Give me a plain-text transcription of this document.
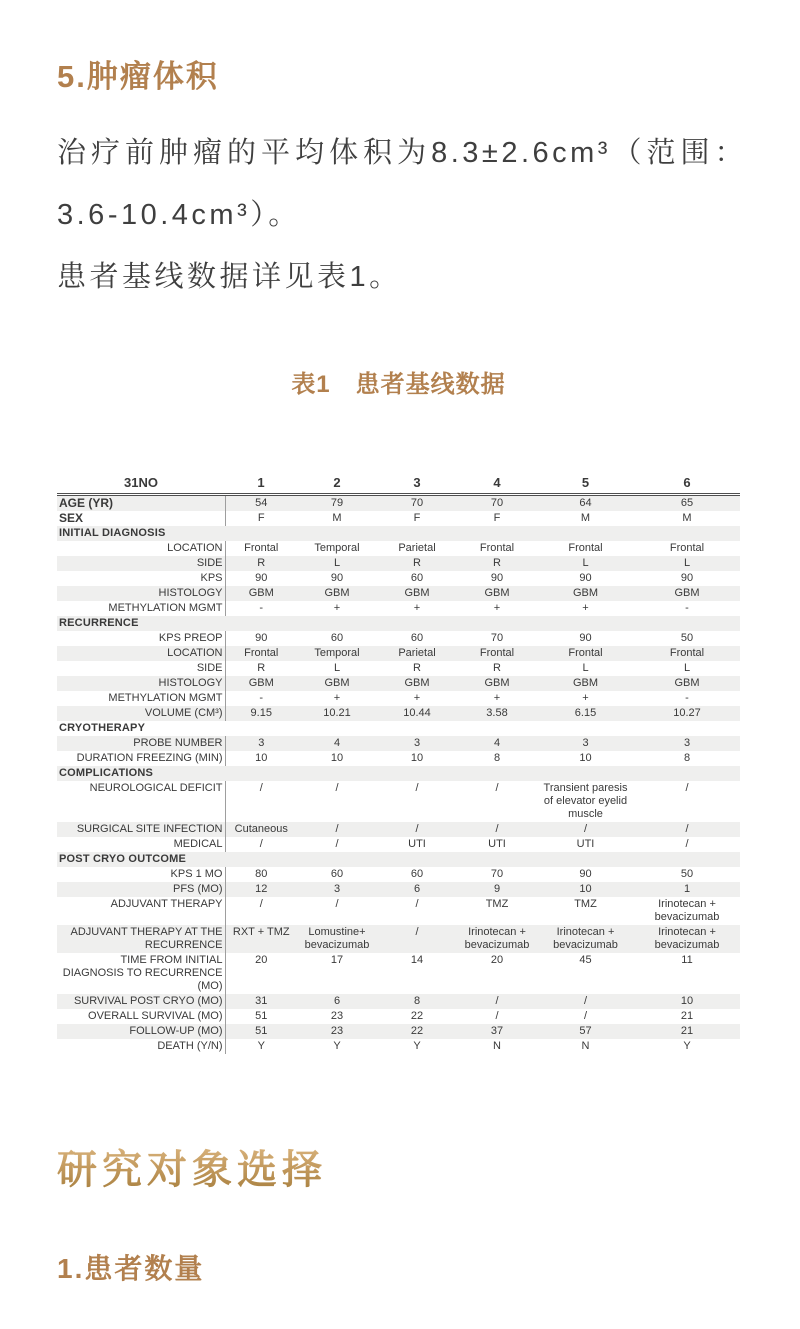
5.肿瘤体积

治疗前肿瘤的平均体积为8.3±2.6cm³（范围：3.6-10.4cm³）。

患者基线数据详见表1。

表1　患者基线数据
31NO	1	2	3	4	5	6
AGE (YR)	54	79	70	70	64	65
SEX	F	M	F	F	M	M
INITIAL DIAGNOSIS						
LOCATION	Frontal	Temporal	Parietal	Frontal	Frontal	Frontal
SIDE	R	L	R	R	L	L
KPS	90	90	60	90	90	90
HISTOLOGY	GBM	GBM	GBM	GBM	GBM	GBM
METHYLATION MGMT	-	+	+	+	+	-
RECURRENCE						
KPS PREOP	90	60	60	70	90	50
LOCATION	Frontal	Temporal	Parietal	Frontal	Frontal	Frontal
SIDE	R	L	R	R	L	L
HISTOLOGY	GBM	GBM	GBM	GBM	GBM	GBM
METHYLATION MGMT	-	+	+	+	+	-
VOLUME (CM³)	9.15	10.21	10.44	3.58	6.15	10.27
CRYOTHERAPY						
PROBE NUMBER	3	4	3	4	3	3
DURATION FREEZING (MIN)	10	10	10	8	10	8
COMPLICATIONS						
NEUROLOGICAL DEFICIT	/	/	/	/	Transient paresis of elevator eyelid muscle	/
SURGICAL SITE INFECTION	Cutaneous	/	/	/	/	/
MEDICAL	/	/	UTI	UTI	UTI	/
POST CRYO OUTCOME						
KPS 1 MO	80	60	60	70	90	50
PFS (MO)	12	3	6	9	10	1
ADJUVANT THERAPY	/	/	/	TMZ	TMZ	Irinotecan + bevacizumab
ADJUVANT THERAPY AT THE RECURRENCE	RXT + TMZ	Lomustine+ bevacizumab	/	Irinotecan + bevacizumab	Irinotecan + bevacizumab	Irinotecan + bevacizumab
TIME FROM INITIAL DIAGNOSIS TO RECURRENCE (MO)	20	17	14	20	45	11
SURVIVAL POST CRYO (MO)	31	6	8	/	/	10
OVERALL SURVIVAL (MO)	51	23	22	/	/	21
FOLLOW-UP (MO)	51	23	22	37	57	21
DEATH (Y/N)	Y	Y	Y	N	N	Y
研究对象选择
1.患者数量
